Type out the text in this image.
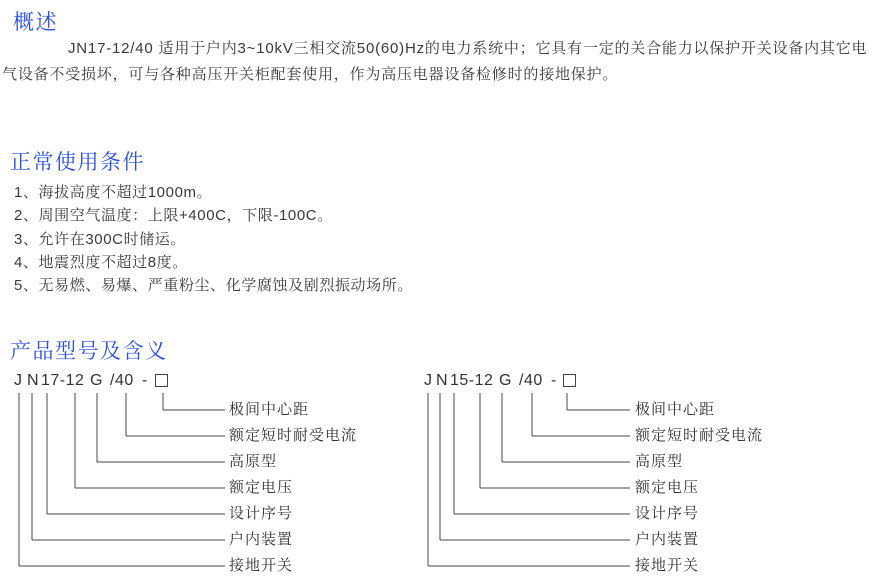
概述
JN17-12/40 适用于户内3~10kV三相交流50(60)Hz的电力系统中；它具有一定的关合能力以保护开关设备内其它电气设备不受损坏，可与各种高压开关柜配套使用，作为高压电器设备检修时的接地保护。
正常使用条件
1、海拔高度不超过1000m。
2、周围空气温度：上限+400C，下限-100C。
3、允许在300C时储运。
4、地震烈度不超过8度。
5、无易燃、易爆、严重粉尘、化学腐蚀及剧烈振动场所。
产品型号及含义
J N 17-12 G /40 -
极间中心距
额定短时耐受电流
高原型
额定电压
设计序号
户内装置
接地开关
J N 15-12 G /40 -
极间中心距
额定短时耐受电流
高原型
额定电压
设计序号
户内装置
接地开关
